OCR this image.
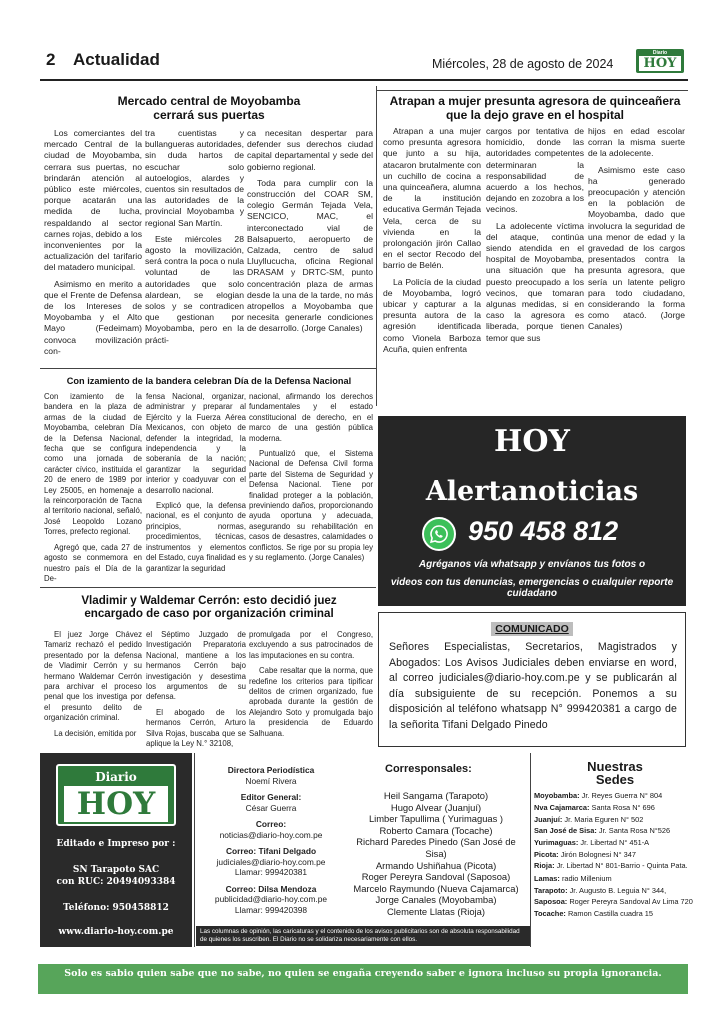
2 Actualidad	Miércoles, 28 de agosto de 2024
Diario
HOY
Mercado central de Moyobamba
cerrará sus puertas

Los comerciantes del mercado Central de la ciudad de Moyobamba, cerrara sus puertas, no brindarán atención al público este miércoles, porque acatarán una medida de lucha, respaldando al sector carnes rojas, debido a los inconvenientes por la actualización del tarifario del matadero municipal.

Asimismo en merito a que el Frente de Defensa de los Intereses de Moyobamba y el Alto Mayo (Fedeimam) convoca movilización con-

tra cuentistas y bullangueras autoridades, sin duda hartos de escuchar solo autoelogios, alardes y cuentos sin resultados de las autoridades de la provincial Moyobamba y regional San Martín.

Este miércoles 28 agosto la movilización, será contra la poca o nula voluntad de las autoridades que solo alardean, se elogian solos y se contradicen que gestionan por Moyobamba, pero en la prácti-

ca necesitan despertar para defender sus derechos ciudad capital departamental y sede del gobierno regional.

Toda para cumplir con la construcción del COAR SM, colegio Germán Tejada Vela, SENCICO, MAC, el interconectado vial de Balsapuerto, aeropuerto de Calzada, centro de salud Lluyllucucha, oficina Regional DRASAM y DRTC-SM, punto concentración plaza de armas desde la una de la tarde, no más atropellos a Moyobamba que necesita generarle condiciones de desarrollo. (Jorge Canales)

Atrapan a mujer presunta agresora de quinceañera
que la dejo grave en el hospital

Atrapan a una mujer como presunta agresora que junto a su hija, atacaron brutalmente con un cuchillo de cocina a una quinceañera, alumna de la institución educativa Germán Tejada Vela, cerca de su vivienda en la prolongación jirón Callao en el sector Recodo del barrio de Belén.

La Policía de la ciudad de Moyobamba, logró ubicar y capturar a la presunta autora de la agresión identificada como Vionela Barboza Acuña, quien enfrenta

cargos por tentativa de homicidio, donde las autoridades competentes determinaran la responsabilidad de acuerdo a los hechos, dejando en zozobra a los vecinos.

La adolecente víctima del ataque, continúa siendo atendida en el hospital de Moyobamba, una situación que ha puesto preocupado a los vecinos, que tomaran algunas medidas, si en caso la agresora es liberada, porque tienen temor que sus

hijos en edad escolar corran la misma suerte de la adolecente.

Asimismo este caso ha generado preocupación y atención en la población de Moyobamba, dado que involucra la seguridad de una menor de edad y la gravedad de los cargos presentados contra la presunta agresora, que sería un latente peligro para todo ciudadano, considerando la forma como atacó. (Jorge Canales)

Con izamiento de la bandera celebran Día de la Defensa Nacional

Con izamiento de la bandera en la plaza de armas de la ciudad de Moyobamba, celebran Día de la Defensa Nacional, fecha que se configura como una jornada de carácter cívico, instituida el 20 de enero de 1989 por Ley 25005, en homenaje a la reincorporación de Tacna al territorio nacional, señaló, José Leopoldo Lozano Torres, prefecto regional.

Agregó que, cada 27 de agosto se conmemora en nuestro país el Día de la De-

fensa Nacional, organizar, administrar y preparar al Ejército y la Fuerza Aérea Mexicanos, con objeto de defender la integridad, la independencia y la soberanía de la nación; garantizar la seguridad interior y coadyuvar con el desarrollo nacional.

Explicó que, la defensa nacional, es el conjunto de principios, normas, procedimientos, técnicas, instrumentos y elementos del Estado, cuya finalidad es garantizar la seguridad

nacional, afirmando los derechos fundamentales y el estado constitucional de derecho, en el marco de una gestión pública moderna.

Puntualizó que, el Sistema Nacional de Defensa Civil forma parte del Sistema de Seguridad y Defensa Nacional. Tiene por finalidad proteger a la población, previniendo daños, proporcionando ayuda oportuna y adecuada, asegurando su rehabilitación en casos de desastres, calamidades o conflictos. Se rige por su propia ley y su reglamento. (Jorge Canales)

Vladimir y Waldemar Cerrón: esto decidió juez
encargado de caso por organización criminal

El juez Jorge Chávez Tamariz rechazó el pedido presentado por la defensa de Vladimir Cerrón y su hermano Waldemar Cerrón para archivar el proceso penal que los investiga por el presunto delito de organización criminal.

La decisión, emitida por

el Séptimo Juzgado de Investigación Preparatoria Nacional, mantiene a los hermanos Cerrón bajo investigación y desestima los argumentos de su defensa.

El abogado de los hermanos Cerrón, Arturo Silva Rojas, buscaba que se aplique la Ley N.° 32108,

promulgada por el Congreso, excluyendo a sus patrocinados de las imputaciones en su contra.

Cabe resaltar que la norma, que redefine los criterios para tipificar delitos de crimen organizado, fue aprobada durante la gestión de Alejandro Soto y promulgada bajo la presidencia de Eduardo Salhuana.

HOY
Alertanoticias
950 458 812
Agréganos vía whatsapp y envíanos tus fotos o
videos con tus denuncias, emergencias o cualquier reporte cuidadano
COMUNICADO
Señores Especialistas, Secretarios, Magistrados y Abogados: Los Avisos Judiciales deben enviarse en word, al correo judiciales@diario-hoy.com.pe y se publicarán al día subsiguiente de su recepción. Ponemos a su disposición al teléfono whatsapp N° 999420381 a cargo de la señorita Tifani Delgado Pinedo
Diario
HOY
Editado e Impreso por :
SN Tarapoto SAC
con RUC: 20494093384
Teléfono: 950458812
www.diario-hoy.com.pe
Directora Periodística
Noemí Rivera
Editor General:
César Guerra
Correo:
noticias@diario-hoy.com.pe
Correo: Tifani Delgado
judiciales@diario-hoy.com.pe
Llamar: 999420381
Correo: Dilsa Mendoza
publicidad@diario-hoy.com.pe
Llamar: 999420398
Las columnas de opinión, las caricaturas y el contenido de los avisos publicitarios son de absoluta responsabilidad de quienes los suscriben. El Diario no se solidariza necesariamente con ellos.
Corresponsales:
Heil Sangama (Tarapoto)
Hugo Alvear (Juanjuí)
Limber Tapullima ( Yurimaguas )
Roberto Camara (Tocache)
Richard Paredes Pinedo (San José de Sisa)
Armando Ushiñahua (Picota)
Roger Pereyra Sandoval (Saposoa)
Marcelo Raymundo (Nueva Cajamarca)
Jorge Canales (Moyobamba)
Clemente Llatas (Rioja)
Nuestras
Sedes
Moyobamba: Jr. Reyes Guerra N° 804
Nva Cajamarca: Santa Rosa N° 696
Juanjuí: Jr. Maria Eguren N° 502
San José de Sisa: Jr. Santa Rosa N°526
Yurimaguas: Jr. Libertad N° 451-A
Picota: Jirón Bolognesi N° 347
Rioja: Jr. Libertad N° 801-Barrio - Quinta Pata.
Lamas: radio Millenium
Tarapoto: Jr. Augusto B. Leguia N° 344,
Saposoa: Roger Pereyra Sandoval Av Lima 720
Tocache: Ramon Castilla cuadra 15
Solo es sabio quien sabe que no sabe, no quien se engaña creyendo saber e ignora incluso su propia ignorancia.
